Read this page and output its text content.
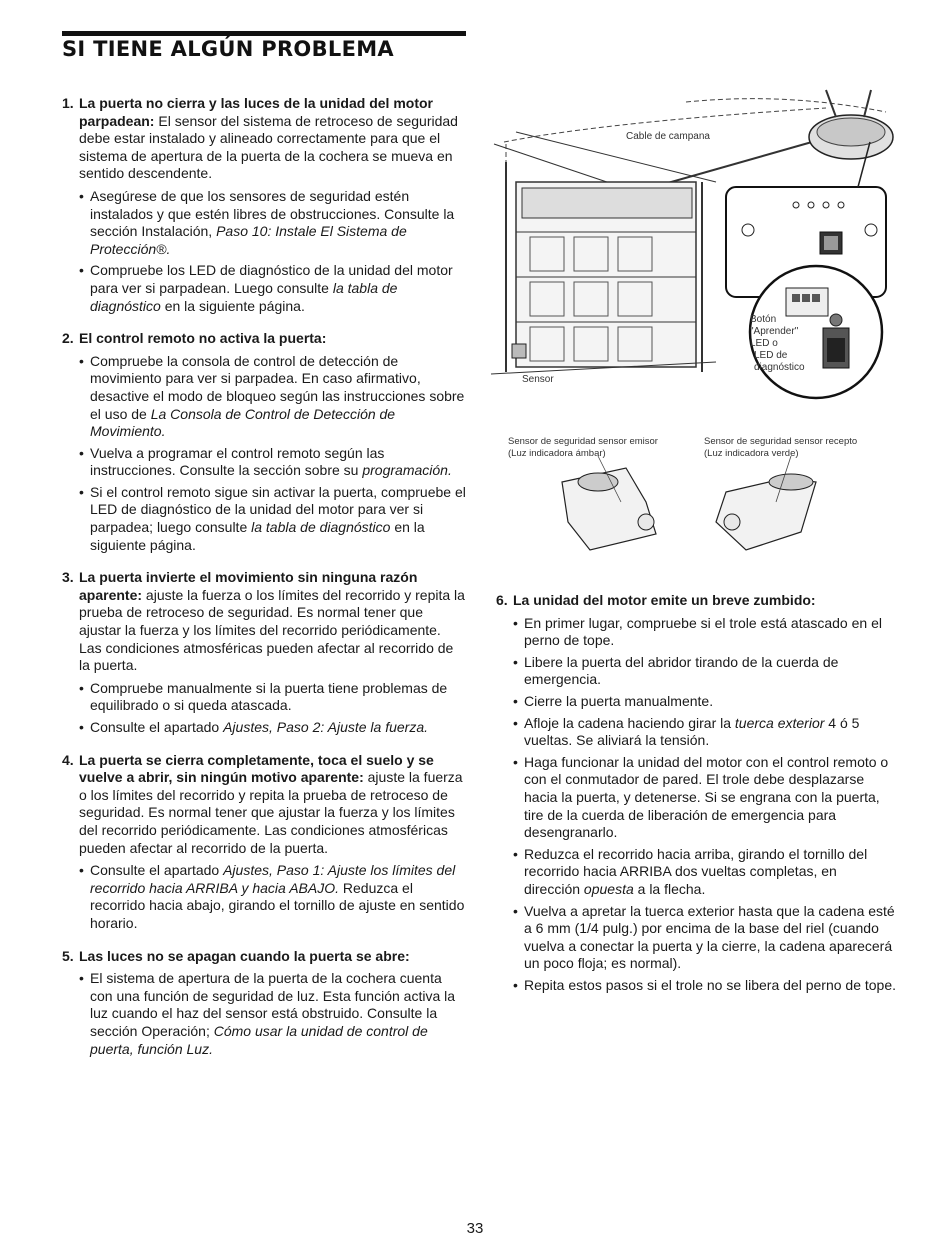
SI TIENE ALGÚN PROBLEMA
1. La puerta no cierra y las luces de la unidad del motor parpadean: El sensor del sistema de retroceso de seguridad debe estar instalado y alineado correctamente para que el sistema de apertura de la puerta de la cochera se mueva en sentido descendente.
• Asegúrese de que los sensores de seguridad estén instalados y que estén libres de obstrucciones. Consulte la sección Instalación, Paso 10: Instale El Sistema de Protección®.
• Compruebe los LED de diagnóstico de la unidad del motor para ver si parpadean. Luego consulte la tabla de diagnóstico en la siguiente página.
2. El control remoto no activa la puerta:
• Compruebe la consola de control de detección de movimiento para ver si parpadea. En caso afirmativo, desactive el modo de bloqueo según las instrucciones sobre el uso de La Consola de Control de Detección de Movimiento.
• Vuelva a programar el control remoto según las instrucciones. Consulte la sección sobre su programación.
• Si el control remoto sigue sin activar la puerta, compruebe el LED de diagnóstico de la unidad del motor para ver si parpadea; luego consulte la tabla de diagnóstico en la siguiente página.
3. La puerta invierte el movimiento sin ninguna razón aparente: ajuste la fuerza o los límites del recorrido y repita la prueba de retroceso de seguridad. Es normal tener que ajustar la fuerza y los límites del recorrido periódicamente. Las condiciones atmosféricas pueden afectar al recorrido de la puerta.
• Compruebe manualmente si la puerta tiene problemas de equilibrado o si queda atascada.
• Consulte el apartado Ajustes, Paso 2: Ajuste la fuerza.
4. La puerta se cierra completamente, toca el suelo y se vuelve a abrir, sin ningún motivo aparente: ajuste la fuerza o los límites del recorrido y repita la prueba de retroceso de seguridad. Es normal tener que ajustar la fuerza y los límites del recorrido periódicamente. Las condiciones atmosféricas pueden afectar al recorrido de la puerta.
• Consulte el apartado Ajustes, Paso 1: Ajuste los límites del recorrido hacia ARRIBA y hacia ABAJO. Reduzca el recorrido hacia abajo, girando el tornillo de ajuste en sentido horario.
5. Las luces no se apagan cuando la puerta se abre:
• El sistema de apertura de la puerta de la cochera cuenta con una función de seguridad de luz. Esta función activa la luz cuando el haz del sensor está obstruido. Consulte la sección Operación; Cómo usar la unidad de control de puerta, función Luz.
6. La unidad del motor emite un breve zumbido:
• En primer lugar, compruebe si el trole está atascado en el perno de tope.
• Libere la puerta del abridor tirando de la cuerda de emergencia.
• Cierre la puerta manualmente.
• Afloje la cadena haciendo girar la tuerca exterior 4 ó 5 vueltas. Se aliviará la tensión.
• Haga funcionar la unidad del motor con el control remoto o con el conmutador de pared. El trole debe desplazarse hacia la puerta, y detenerse. Si se engrana con la puerta, tire de la cuerda de liberación de emergencia para desengranarlo.
• Reduzca el recorrido hacia arriba, girando el tornillo del recorrido hacia ARRIBA dos vueltas completas, en dirección opuesta a la flecha.
• Vuelva a apretar la tuerca exterior hasta que la cadena esté a 6 mm (1/4 pulg.) por encima de la base del riel (cuando vuelva a conectar la puerta y la cierre, la cadena aparecerá un poco floja; es normal).
• Repita estos pasos si el trole no se libera del perno de tope.
Cable de campana
Sensor
Botón
"Aprender"
LED o
LED de
diagnóstico
Sensor de seguridad sensor emisor
(Luz indicadora ámbar)
Sensor de seguridad sensor recepto
(Luz indicadora verde)
33
